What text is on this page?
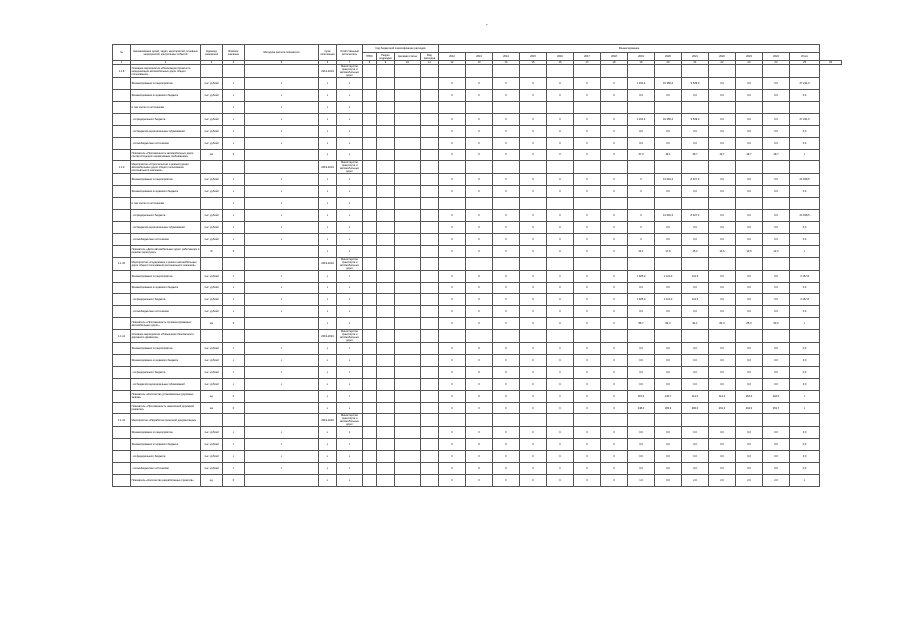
-
№	Наименование целей, задач, мероприятий, основных мероприятий, контрольных событий	Единица измерения	Базовое значение	Методика расчета показателя	Срок исполнения	Ответственный исполнитель	Код бюджетной классификации расходов				Финансирование														
							ГРБС	Раздел подраздел	Целевая статья	Вид расходов	2012	2013	2014	2015	2016	2017	2018	2019	2020	2021	2022	2023	2024	Итого	
1	2	3	4	5	6	7	8	9	10	11	12	13	14	15	16	17	18	19	20	21	22	23	24	25	26
1.1.8	Основное мероприятие «Реализация проекта по модернизации автомобильных дорог общего пользования»				2012-2024	Министерство транспорта и автомобильных дорог																			
	Финансирование по мероприятию	тыс. рублей	х	х	х	х					0	0	0	0	0	0	0	1 331,4	16 350,6	9 539,0	0,0	0,0	0,0	27 221,0	
	Финансирование из краевого бюджета	тыс. рублей	х	х	х	х					0	0	0	0	0	0	0	0,0	0,0	0,0	0,0	0,0	0,0	0,0	
	в том числе по источникам		х	х	х	х																			
	- из федерального бюджета	тыс. рублей	х	х	х	х					0	0	0	0	0	0	0	1 331,4	16 350,6	9 539,0	0,0	0,0	0,0	27 221,0	
	- из бюджетов муниципальных образований	тыс. рублей	х	х	х	х					0	0	0	0	0	0	0	0,0	0,0	0,0	0,0	0,0	0,0	0,0	
	- из внебюджетных источников	тыс. рублей	х	х	х	х					0	0	0	0	0	0	0	0,0	0,0	0,0	0,0	0,0	0,0	0,0	
	Показатель «Протяженность автомобильных дорог, соответствующих нормативным требованиям»	км	0		х	х					0	0	0	0	0	0	0	47,3	49,1	49,7	49,7	49,7	49,7	х	
1.1.9	Мероприятие «Строительство и реконструкция автомобильных дорог общего пользования регионального значения»				2019-2024	Министерство транспорта и автомобильных дорог																			
	Финансирование по мероприятию	тыс. рублей	х	х	х	х					0	0	0	0	0	0	0	0	13 491,2	8 327,3	0,0	0,0	0,0	21 818,5	
	Финансирование из краевого бюджета	тыс. рублей	х	х	х	х					0	0	0	0	0	0	0	0	0,0	0,0	0,0	0,0	0,0	0,0	
	в том числе по источникам		х	х	х	х																			
	- из федерального бюджета	тыс. рублей	х	х	х	х					0	0	0	0	0	0	0	0	13 491,2	8 327,3	0,0	0,0	0,0	21 818,5	
	- из бюджетов муниципальных образований	тыс. рублей	х	х	х	х					0	0	0	0	0	0	0	0	0,0	0,0	0,0	0,0	0,0	0,0	
	- из внебюджетных источников	тыс. рублей	х	х	х	х					0	0	0	0	0	0	0	0	0,0	0,0	0,0	0,0	0,0	0,0	
	Показатель «Доля автомобильных дорог, работающих в режиме перегрузки»	%	0		х	х					0	0	0	0	0	0	0	22,1	17,8	15,2	14,5	13,5	12,0	х	
1.1.10	Мероприятие «Содержание и ремонт автомобильных дорог общего пользования регионального значения»				2019-2024	Министерство транспорта и автомобильных дорог																			
	Финансирование по мероприятию	тыс. рублей	х	х	х	х					0	0	0	0	0	0	0	1 925,0	1 121,3	121,5	0,0	0,0	0,0	3 167,8	
	Финансирование из краевого бюджета	тыс. рублей	х	х	х	х					0	0	0	0	0	0	0	0,0	0,0	0,0	0,0	0,0	0,0	0,0	
	- из федерального бюджета	тыс. рублей	х	х	х	х					0	0	0	0	0	0	0	1 925,0	1 121,3	121,5	0,0	0,0	0,0	3 167,8	
	- из внебюджетных источников	тыс. рублей	х	х	х	х					0	0	0	0	0	0	0	0,0	0,0	0,0	0,0	0,0	0,0	0,0	
	Показатель «Протяженность отремонтированных автомобильных дорог»	км	0		х	х					0	0	0	0	0	0	0	89,7	84,3	94,1	84,3	85,0	90,0	х	
1.1.11	Основное мероприятие «Повышение безопасности дорожного движения»				2019-2024	Министерство транспорта и автомобильных дорог																			
	Финансирование по мероприятию	тыс. рублей	х	х	х	х					0	0	0	0	0	0	0	0,0	0,0	0,0	0,0	0,0	0,0	0,0	
	Финансирование из краевого бюджета	тыс. рублей	х	х	х	х					0	0	0	0	0	0	0	0,0	0,0	0,0	0,0	0,0	0,0	0,0	
	- из федерального бюджета	тыс. рублей	х	х	х	х					0	0	0	0	0	0	0	0,0	0,0	0,0	0,0	0,0	0,0	0,0	
	- из бюджетов муниципальных образований	тыс. рублей	х	х	х	х					0	0	0	0	0	0	0	0,0	0,0	0,0	0,0	0,0	0,0	0,0	
	Показатель «Количество установленных дорожных знаков»	ед.	0		х	х					0	0	0	0	0	0	0	115,0	142,7	114,0	114,0	118,0	118,0	х	
	Показатель «Протяженность нанесенной дорожной разметки»	км	0		х	х					0	0	0	0	0	0	0	248,0	183,9	260,0	261,3	264,0	251,7	х	
1.1.12	Мероприятие «Разработка проектной документации»				2019-2024	Министерство транспорта и автомобильных дорог																			
	Финансирование по мероприятию	тыс. рублей	х	х	х	х					0	0	0	0	0	0	0	0,0	0,0	0,0	0,0	0,0	0,0	0,0	
	Финансирование из краевого бюджета	тыс. рублей	х	х	х	х					0	0	0	0	0	0	0	0,0	0,0	0,0	0,0	0,0	0,0	0,0	
	- из федерального бюджета	тыс. рублей	х	х	х	х					0	0	0	0	0	0	0	0,0	0,0	0,0	0,0	0,0	0,0	0,0	
	- из внебюджетных источников	тыс. рублей	х	х	х	х					0	0	0	0	0	0	0	0,0	0,0	0,0	0,0	0,0	0,0	0,0	
	Показатель «Количество разработанных проектов»	ед.	0		х	х					0	0	0	0	0	0	0	1,0	3,0	2,0	2,0	2,0	2,0	х	
